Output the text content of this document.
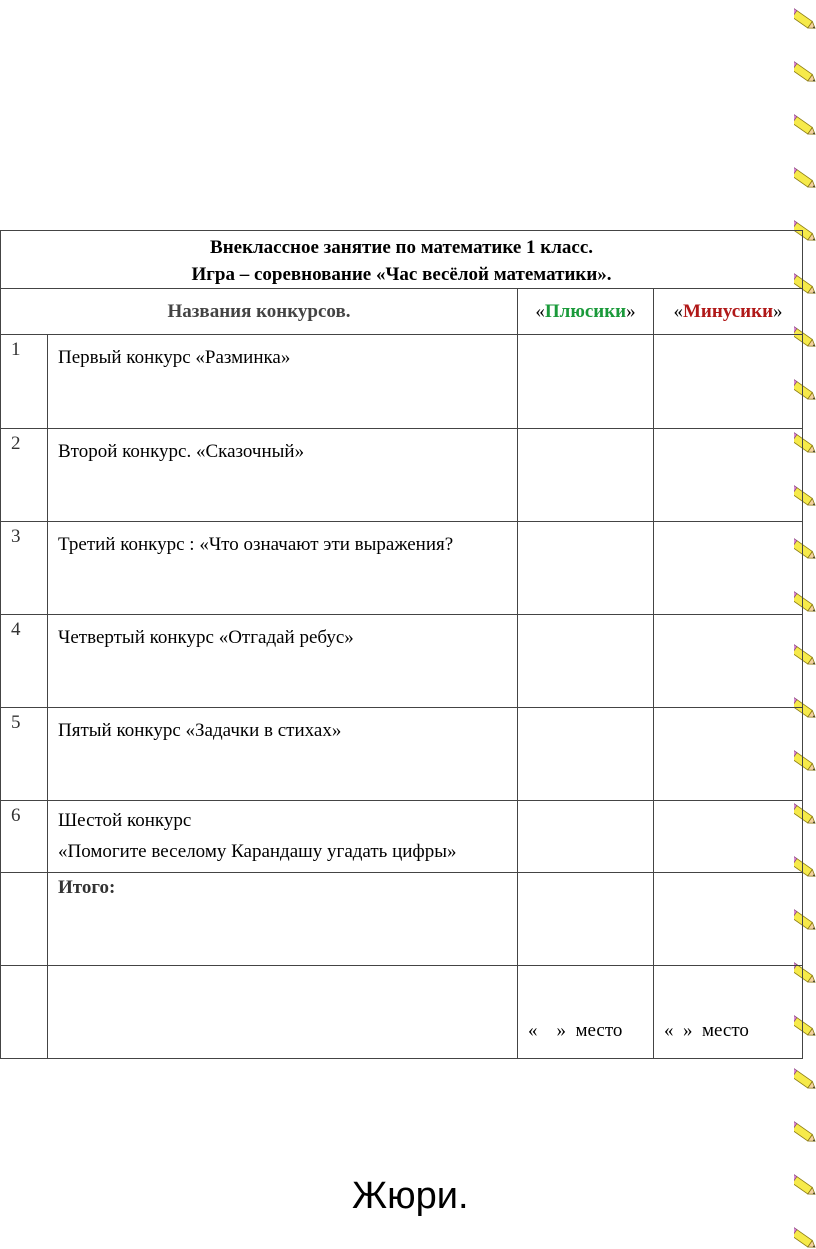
Внеклассное занятие по математике 1 класс.
Игра – соревнование «Час весёлой математики».			

Названия конкурсов.		«Плюсики»	«Минусики»
1	Первый конкурс «Разминка»		
2	Второй конкурс. «Сказочный»		
3	Третий конкурс : «Что означают эти выражения?		
4	Четвертый конкурс «Отгадай ребус»		
5	Пятый конкурс «Задачки в стихах»		
6	Шестой конкурс
«Помогите веселому Карандашу угадать цифры»		

	Итого:		
		«    »  место	«  »  место
Жюри.
